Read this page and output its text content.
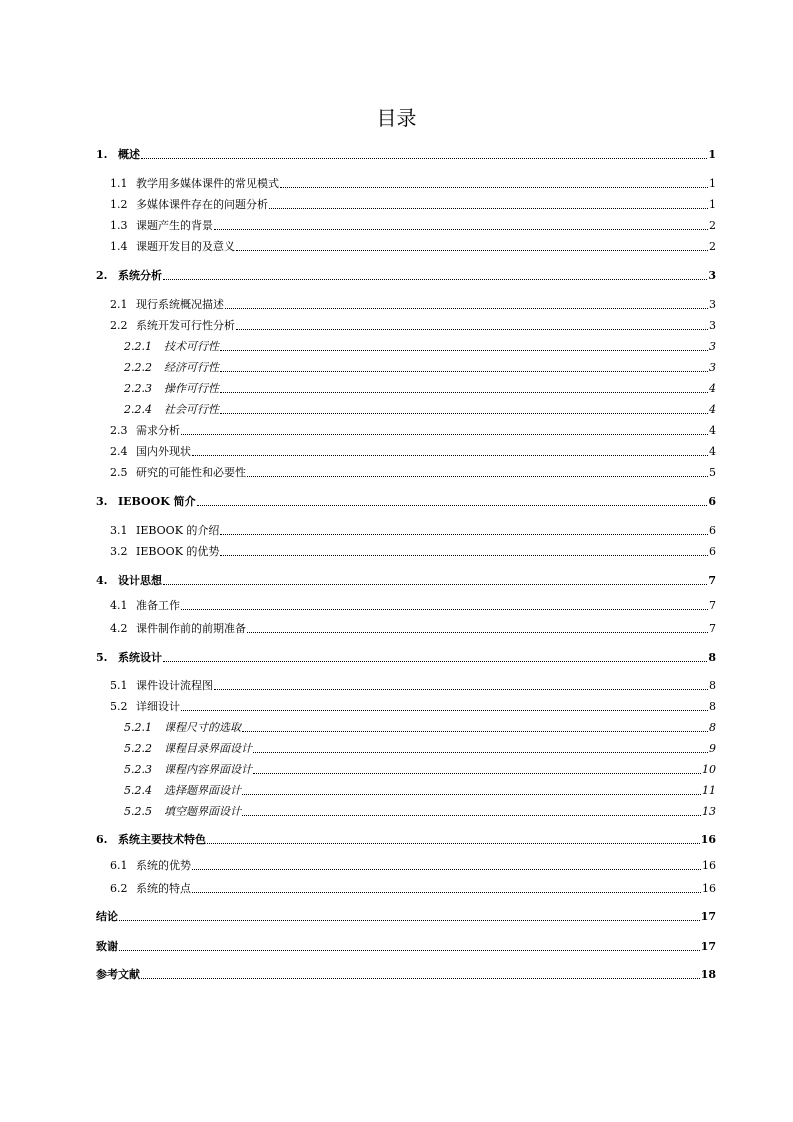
目录
1. 概述	1
1.1 教学用多媒体课件的常见模式	1
1.2 多媒体课件存在的问题分析	1
1.3 课题产生的背景	2
1.4 课题开发目的及意义	2
2. 系统分析	3
2.1 现行系统概况描述	3
2.2 系统开发可行性分析	3
2.2.1	技术可行性	3
2.2.2	经济可行性	3
2.2.3	操作可行性	4
2.2.4	社会可行性	4
2.3 需求分析	4
2.4 国内外现状	4
2.5 研究的可能性和必要性	5
3. IEBOOK 简介	6
3.1 IEBOOK 的介绍	6
3.2 IEBOOK 的优势	6
4. 设计思想	7
4.1 准备工作	7
4.2 课件制作前的前期准备	7
5. 系统设计	8
5.1 课件设计流程图	8
5.2 详细设计	8
5.2.1	课程尺寸的选取	8
5.2.2	课程目录界面设计	9
5.2.3	课程内容界面设计	10
5.2.4	选择题界面设计	11
5.2.5	填空题界面设计	13
6. 系统主要技术特色	16
6.1 系统的优势	16
6.2 系统的特点	16
结论	17
致谢	17
参考文献	18
